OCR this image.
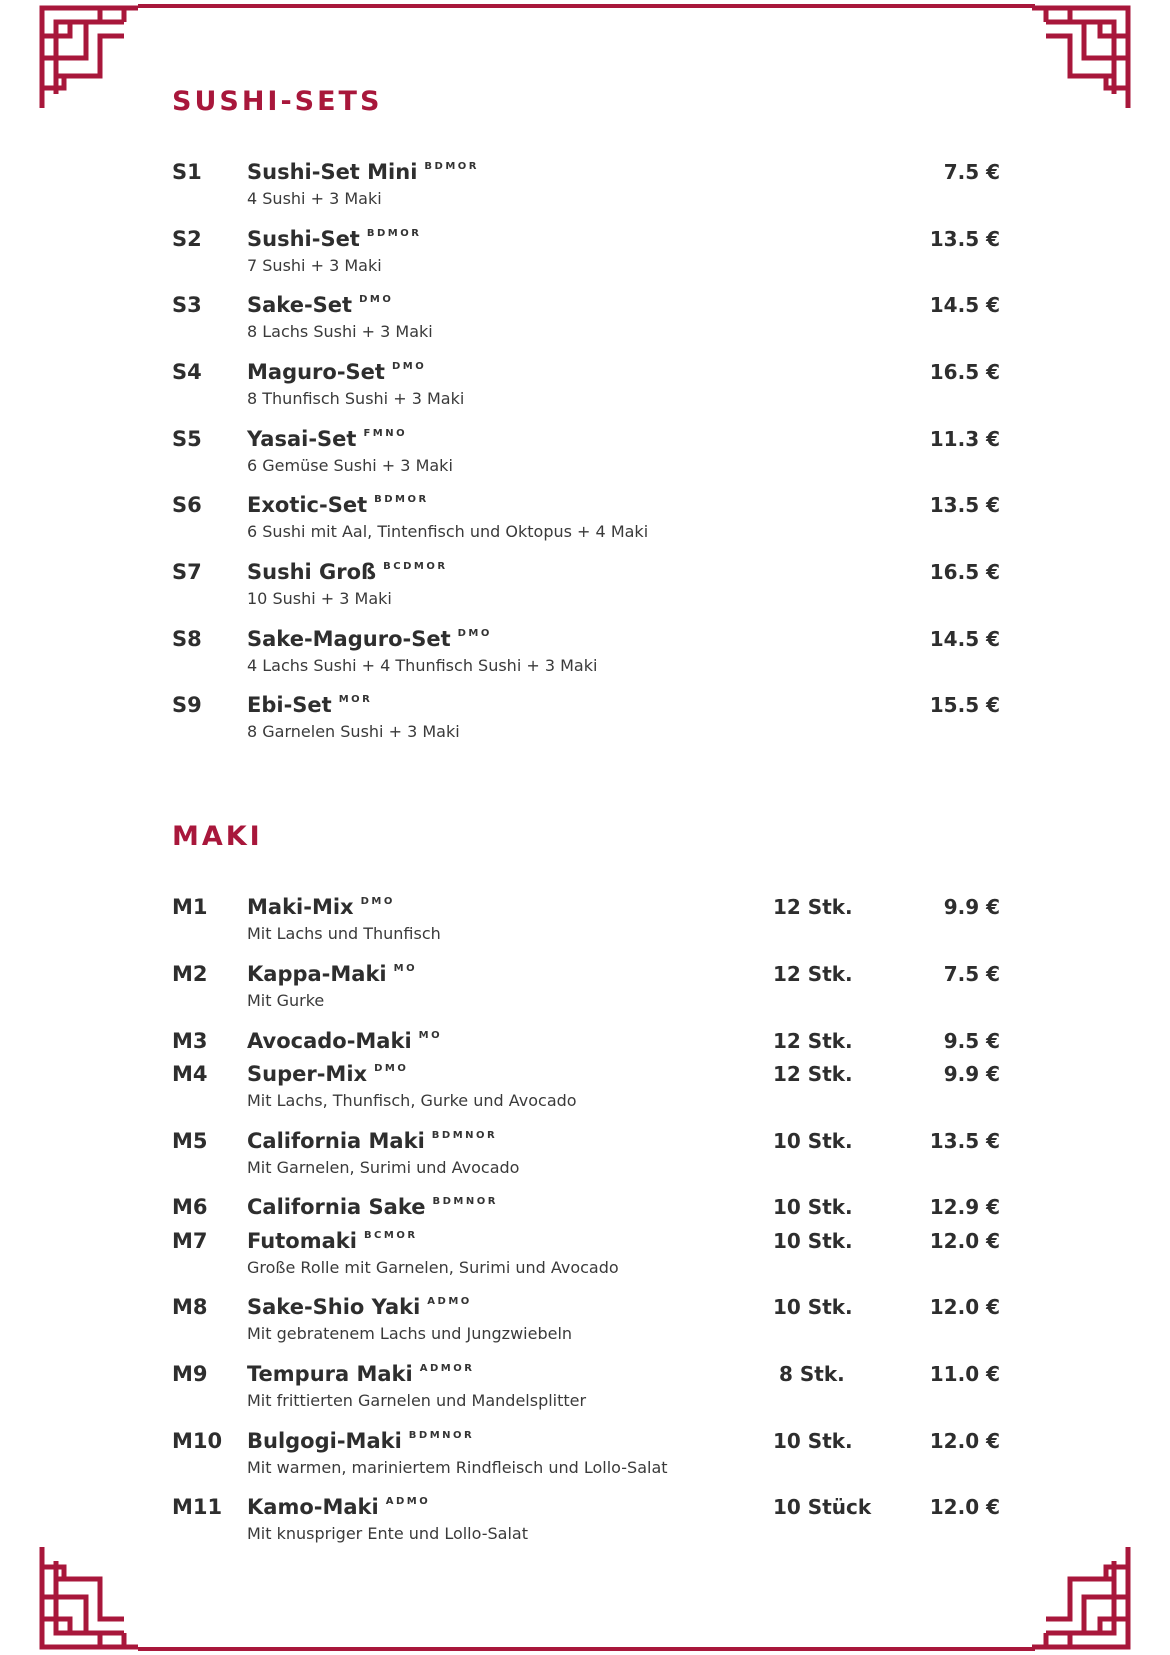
SUSHI-SETS
S1 Sushi-Set Mini $^{BDMOR}$
4 Sushi + 3 Maki
7.5 €
S2 Sushi-Set $^{BDMOR}$
7 Sushi + 3 Maki
13.5 €
S3 Sake-Set $^{DMO}$
8 Lachs Sushi + 3 Maki
14.5 €
S4 Maguro-Set $^{DMO}$
8 Thunfisch Sushi + 3 Maki
16.5 €
S5 Yasai-Set $^{FMNO}$
6 Gemüse Sushi + 3 Maki
11.3 €
S6 Exotic-Set $^{BDMOR}$
6 Sushi mit Aal, Tintenfisch und Oktopus + 4 Maki
13.5 €
S7 Sushi Groß $^{BCDMOR}$
10 Sushi + 3 Maki
16.5 €
S8 Sake-Maguro-Set $^{DMO}$
4 Lachs Sushi + 4 Thunfisch Sushi + 3 Maki
14.5 €
S9 Ebi-Set $^{MOR}$
8 Garnelen Sushi + 3 Maki
15.5 €
MAKI
M1 Maki-Mix $^{DMO}$
Mit Lachs und Thunfisch
12 Stk.	9.9 €
M2 Kappa-Maki $^{MO}$
Mit Gurke
12 Stk.	7.5 €
M3 Avocado-Maki $^{MO}$	12 Stk.	9.5 €
M4 Super-Mix $^{DMO}$
Mit Lachs, Thunfisch, Gurke und Avocado
12 Stk.	9.9 €
M5 California Maki $^{BDMNOR}$
Mit Garnelen, Surimi und Avocado
10 Stk.	13.5 €
M6 California Sake $^{BDMNOR}$	10 Stk.	12.9 €
M7 Futomaki $^{BCMOR}$
Große Rolle mit Garnelen, Surimi und Avocado
10 Stk.	12.0 €
M8 Sake-Shio Yaki $^{ADMO}$
Mit gebratenem Lachs und Jungzwiebeln
10 Stk.	12.0 €
M9 Tempura Maki $^{ADMOR}$
Mit frittierten Garnelen und Mandelsplitter
8 Stk.	11.0 €
M10 Bulgogi-Maki $^{BDMNOR}$
Mit warmen, mariniertem Rindfleisch und Lollo-Salat
10 Stk.	12.0 €
M11 Kamo-Maki $^{ADMO}$
Mit knuspriger Ente und Lollo-Salat
10 Stück	12.0 €
